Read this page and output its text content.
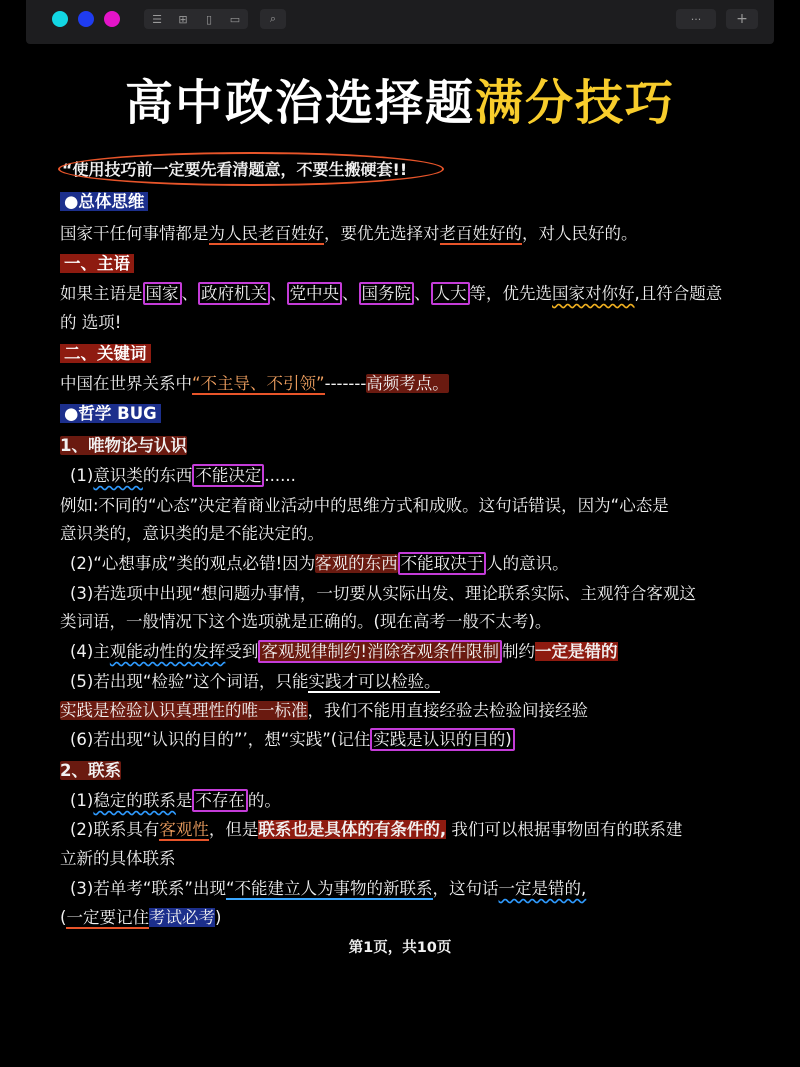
☰	⊞	▯	▭	⌕	···	+
高中政治选择题满分技巧
“使用技巧前一定要先看清题意，不要生搬硬套!!
●总体思维
国家干任何事情都是为人民老百姓好，要优先选择对老百姓好的，对人民好的。
一、主语
如果主语是 国家 、 政府机关 、 党中央 、 国务院 、 人大 等，优先选国家对你好,且符合题意
的 选项!
二、关键词
中国在世界关系中“不主导、不引领”-------高频考点。
●哲学 BUG
1、唯物论与认识
(1)意识类的东西 不能决定 ......
例如:不同的“心态”决定着商业活动中的思维方式和成败。这句话错误，因为“心态是
意识类的，意识类的是不能决定的。
(2)“心想事成”类的观点必错!因为客观的东西 不能取决于 人的意识。
(3)若选项中出现“想问题办事情，一切要从实际出发、理论联系实际、主观符合客观这
类词语，一般情况下这个选项就是正确的。(现在高考一般不太考)。
(4)主观能动性的发挥受到 客观规律制约!消除客观条件限制 制约一定是错的
(5)若出现“检验”这个词语，只能实践才可以检验。
实践是检验认识真理性的唯一标准，我们不能用直接经验去检验间接经验
(6)若出现“认识的目的”’，想“实践”(记住 实践是认识的目的)
2、联系
(1)稳定的联系是 不存在 的。
(2)联系具有客观性，但是联系也是具体的有条件的, 我们可以根据事物固有的联系建
立新的具体联系
(3)若单考“联系”出现“不能建立人为事物的新联系，这句话一定是错的,
(一定要记住考试必考)
第1页，共10页
